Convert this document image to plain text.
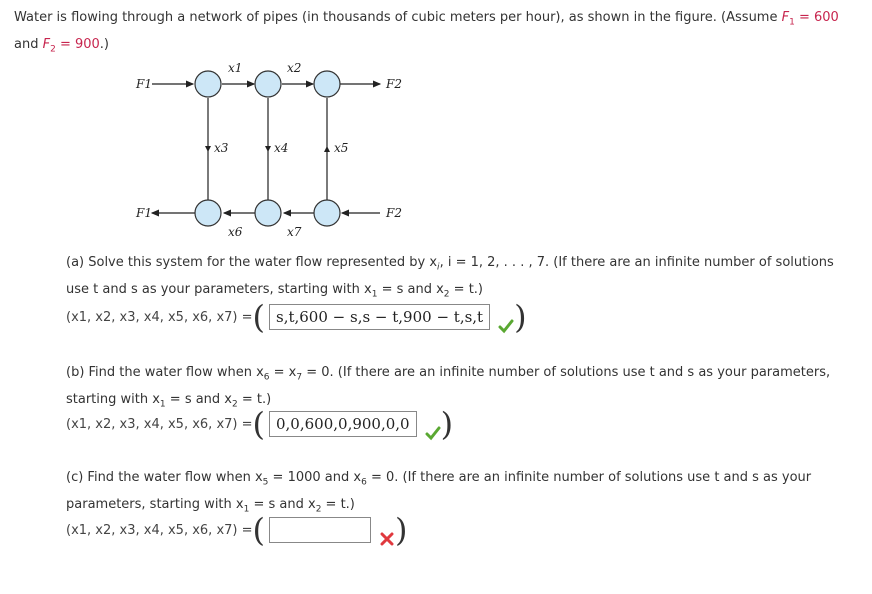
Water is flowing through a network of pipes (in thousands of cubic meters per hour), as shown in the figure. (Assume $F_1 = 600$
and $F_2 = 900$.)
F1	F2
F1	F2
x1	x2
x3	x4	x5
x6	x7
(a) Solve this system for the water flow represented by $x_i$, i = 1, 2, . . . , 7. (If there are an infinite number of solutions
use t and s as your parameters, starting with $x_1 = s$ and $x_2 = t$.)
(x1, x2, x3, x4, x5, x6, x7) = ( s,t,600 − s,s − t,900 − t,s,t )
(b) Find the water flow when $x_6 = x_7 = 0$. (If there are an infinite number of solutions use t and s as your parameters,
starting with $x_1 = s$ and $x_2 = t$.)
(x1, x2, x3, x4, x5, x6, x7) = ( 0,0,600,0,900,0,0 )
(c) Find the water flow when $x_5 = 1000$ and $x_6 = 0$. (If there are an infinite number of solutions use t and s as your
parameters, starting with $x_1 = s$ and $x_2 = t$.)
(x1, x2, x3, x4, x5, x6, x7) = (	)
